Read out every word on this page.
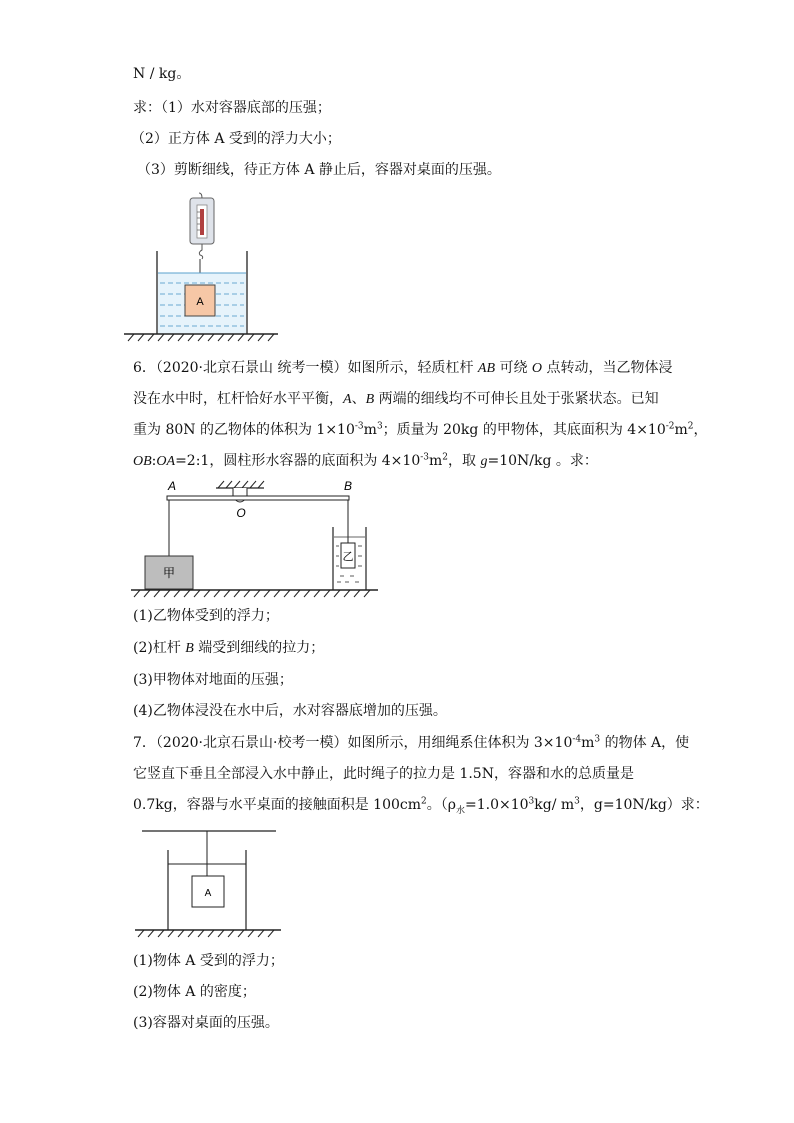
N / kg。
求：（1）水对容器底部的压强；
（2）正方体 A 受到的浮力大小；
（3）剪断细线，待正方体 A 静止后，容器对桌面的压强。
A
6．（2020·北京石景山 统考一模）如图所示，轻质杠杆 AB 可绕 O 点转动，当乙物体浸
没在水中时，杠杆恰好水平平衡，A、B 两端的细线均不可伸长且处于张紧状态。已知
重为 80N 的乙物体的体积为 $1\times 10^{-3}m^3$；质量为 20kg 的甲物体，其底面积为 $4\times 10^{-2}m^2$，
OB:OA=2:1，圆柱形水容器的底面积为 $4\times 10^{-3}m^2$，取 g=10N/kg 。求：
A	B
O
甲
乙
(1)乙物体受到的浮力；
(2)杠杆 B 端受到细线的拉力；
(3)甲物体对地面的压强；
(4)乙物体浸没在水中后，水对容器底增加的压强。
7．（2020·北京石景山·校考一模）如图所示，用细绳系住体积为 $3\times 10^{-4}m^3$ 的物体 A，使
它竖直下垂且全部浸入水中静止，此时绳子的拉力是 1.5N，容器和水的总质量是
0.7kg，容器与水平桌面的接触面积是 $100cm^2$。（$\rho_水=1.0\times 10^3kg/$ $m^3$，g=10N/kg）求：
A
(1)物体 A 受到的浮力；
(2)物体 A 的密度；
(3)容器对桌面的压强。
